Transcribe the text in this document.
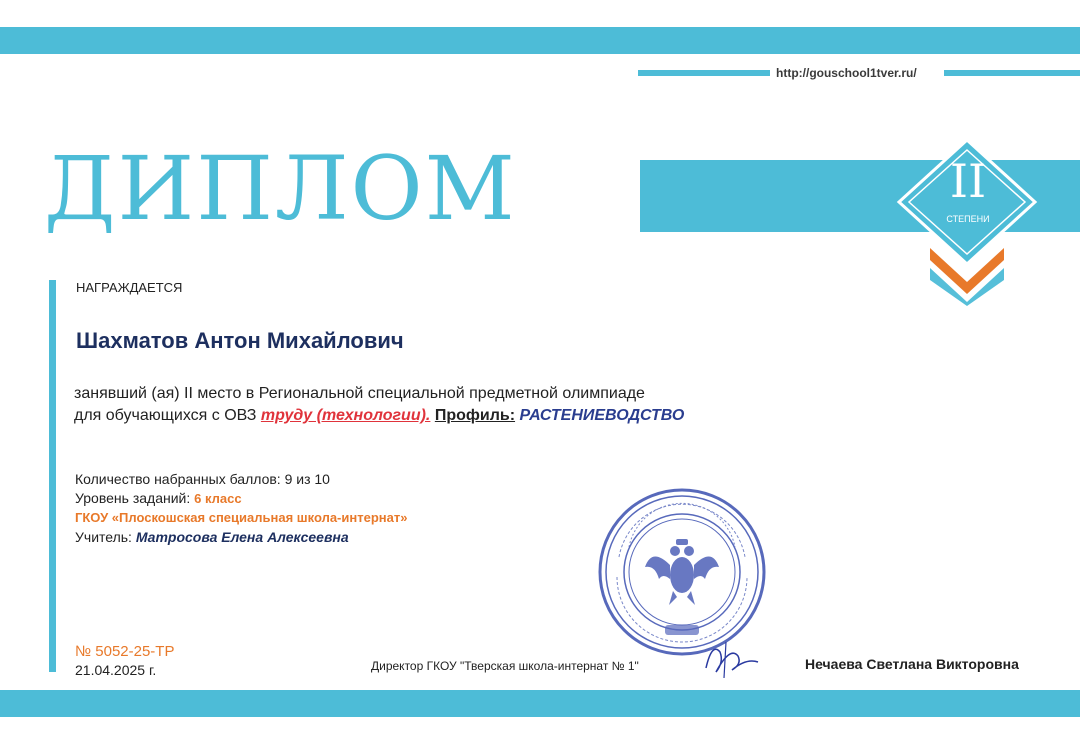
http://gouschool1tver.ru/
ДИПЛОМ	II
СТЕПЕНИ
НАГРАЖДАЕТСЯ
Шахматов Антон Михайлович
занявший (ая) II место в Региональной специальной предметной олимпиаде
для обучающихся с ОВЗ труду (технологии). Профиль: РАСТЕНИЕВОДСТВО
Количество набранных баллов: 9 из 10
Уровень заданий: 6 класс
ГКОУ «Плоскошская специальная школа-интернат»
Учитель: Матросова Елена Алексеевна
№ 5052-25-ТР
21.04.2025 г.	Директор ГКОУ "Тверская школа-интернат № 1"	Нечаева Светлана Викторовна
